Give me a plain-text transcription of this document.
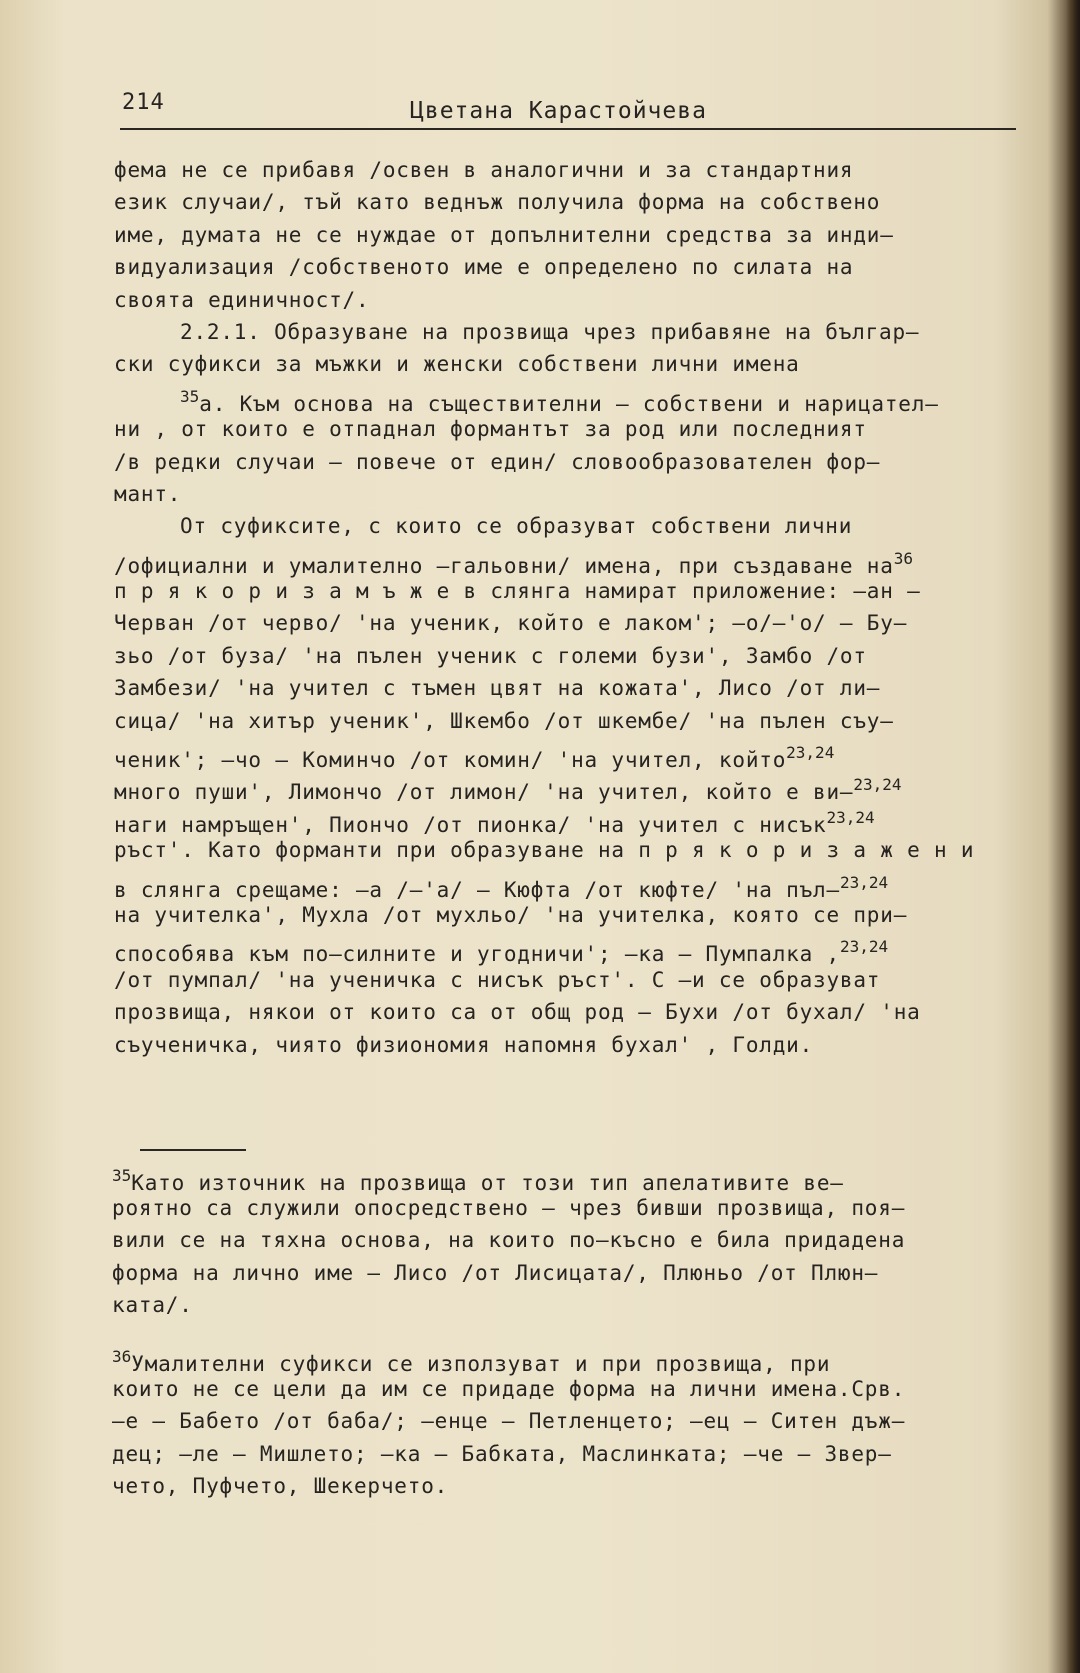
214	Цветана Карастойчева
фема не се прибавя /освен в аналогични и за стандартния
език случаи/, тъй като веднъж получила форма на собствено
име, думата не се нуждае от допълнителни средства за инди–
видуализация /собственото име е определено по силата на
своята единичност/.
2.2.1. Образуване на прозвища чрез прибавяне на българ–
ски суфикси за мъжки и женски собствени лични имена
$^{35}$а. Към основа на съществителни – собствени и нарицател–
ни , от които е отпаднал формантът за род или последният
/в редки случаи – повече от един/ словообразователен фор–
мант.
От суфиксите, с които се образуват собствени лични
/официални и умалително –гальовни/ имена, при създаване $на^{36}$
п р я к о р и з а м ъ ж е в слянга намират приложение: –ан –
Черван /от черво/ 'на ученик, който е лаком'; –о/–'о/ – Бу–
зьо /от буза/ 'на пълен ученик с големи бузи', Замбо /от
Замбези/ 'на учител с тъмен цвят на кожата', Лисо /от ли–
сица/ 'на хитър ученик', Шкембо /от шкембе/ 'на пълен съу–
ченик'; –чо – Коминчо /от комин/ 'на учител, който$^{23,24}$
много пуши', Лимончо /от лимон/ 'на учител, който е ви–$^{23,24}$
наги намръщен', Пиончо /от пионка/ 'на учител с нисък$^{23,24}$
ръст'. Като форманти при образуване на п р я к о р и з а ж е н и
в слянга срещаме: –а /–'а/ – Кюфта /от кюфте/ 'на пъл–$^{23,24}$
на учителка', Мухла /от мухльо/ 'на учителка, която се при–
способява към по–силните и угодничи'; –ка – Пумпалка ,$^{23,24}$
/от пумпал/ 'на ученичка с нисък ръст'. С –и се образуват
прозвища, някои от които са от общ род – Бухи /от бухал/ 'на
съученичка, чиято физиономия напомня бухал' , Голди.
$^{35}$Като източник на прозвища от този тип апелативите ве–
роятно са служили опосредствено – чрез бивши прозвища, поя–
вили се на тяхна основа, на които по–късно е била придадена
форма на лично име – Лисо /от Лисицата/, Плюньо /от Плюн–
ката/.
$^{36}$Умалителни суфикси се използуват и при прозвища, при
които не се цели да им се придаде форма на лични имена.Срв.
–е – Бабето /от баба/; –енце – Петленцето; –ец – Ситен дъж–
дец; –ле – Мишлето; –ка – Бабката, Маслинката; –че – Звер–
чето, Пуфчето, Шекерчето.
